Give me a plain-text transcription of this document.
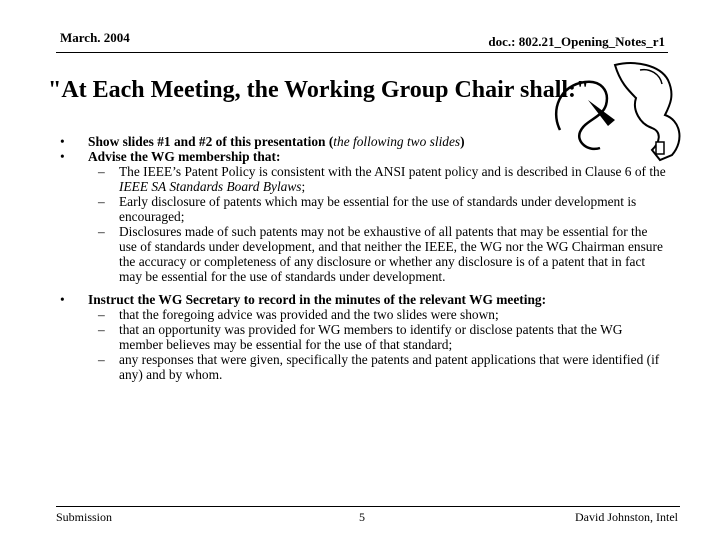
March. 2004	doc.: 802.21_Opening_Notes_r1
"At Each Meeting, the Working Group Chair shall:"
• Show slides #1 and #2 of this presentation (the following two slides)
• Advise the WG membership that:
– The IEEE’s Patent Policy is consistent with the ANSI patent policy and is described in Clause 6 of the IEEE SA Standards Board Bylaws;
– Early disclosure of patents which may be essential for the use of standards under development is encouraged;
– Disclosures made of such patents may not be exhaustive of all patents that may be essential for the use of standards under development, and that neither the IEEE, the WG nor the WG Chairman ensure the accuracy or completeness of any disclosure or whether any disclosure is of a patent that in fact may be essential for the use of standards under development.
• Instruct the WG Secretary to record in the minutes of the relevant WG meeting:
– that the foregoing advice was provided and the two slides were shown;
– that an opportunity was provided for WG members to identify or disclose patents that the WG member believes may be essential for the use of that standard;
– any responses that were given, specifically the patents and patent applications that were identified (if any) and by whom.
Submission	5	David Johnston, Intel
